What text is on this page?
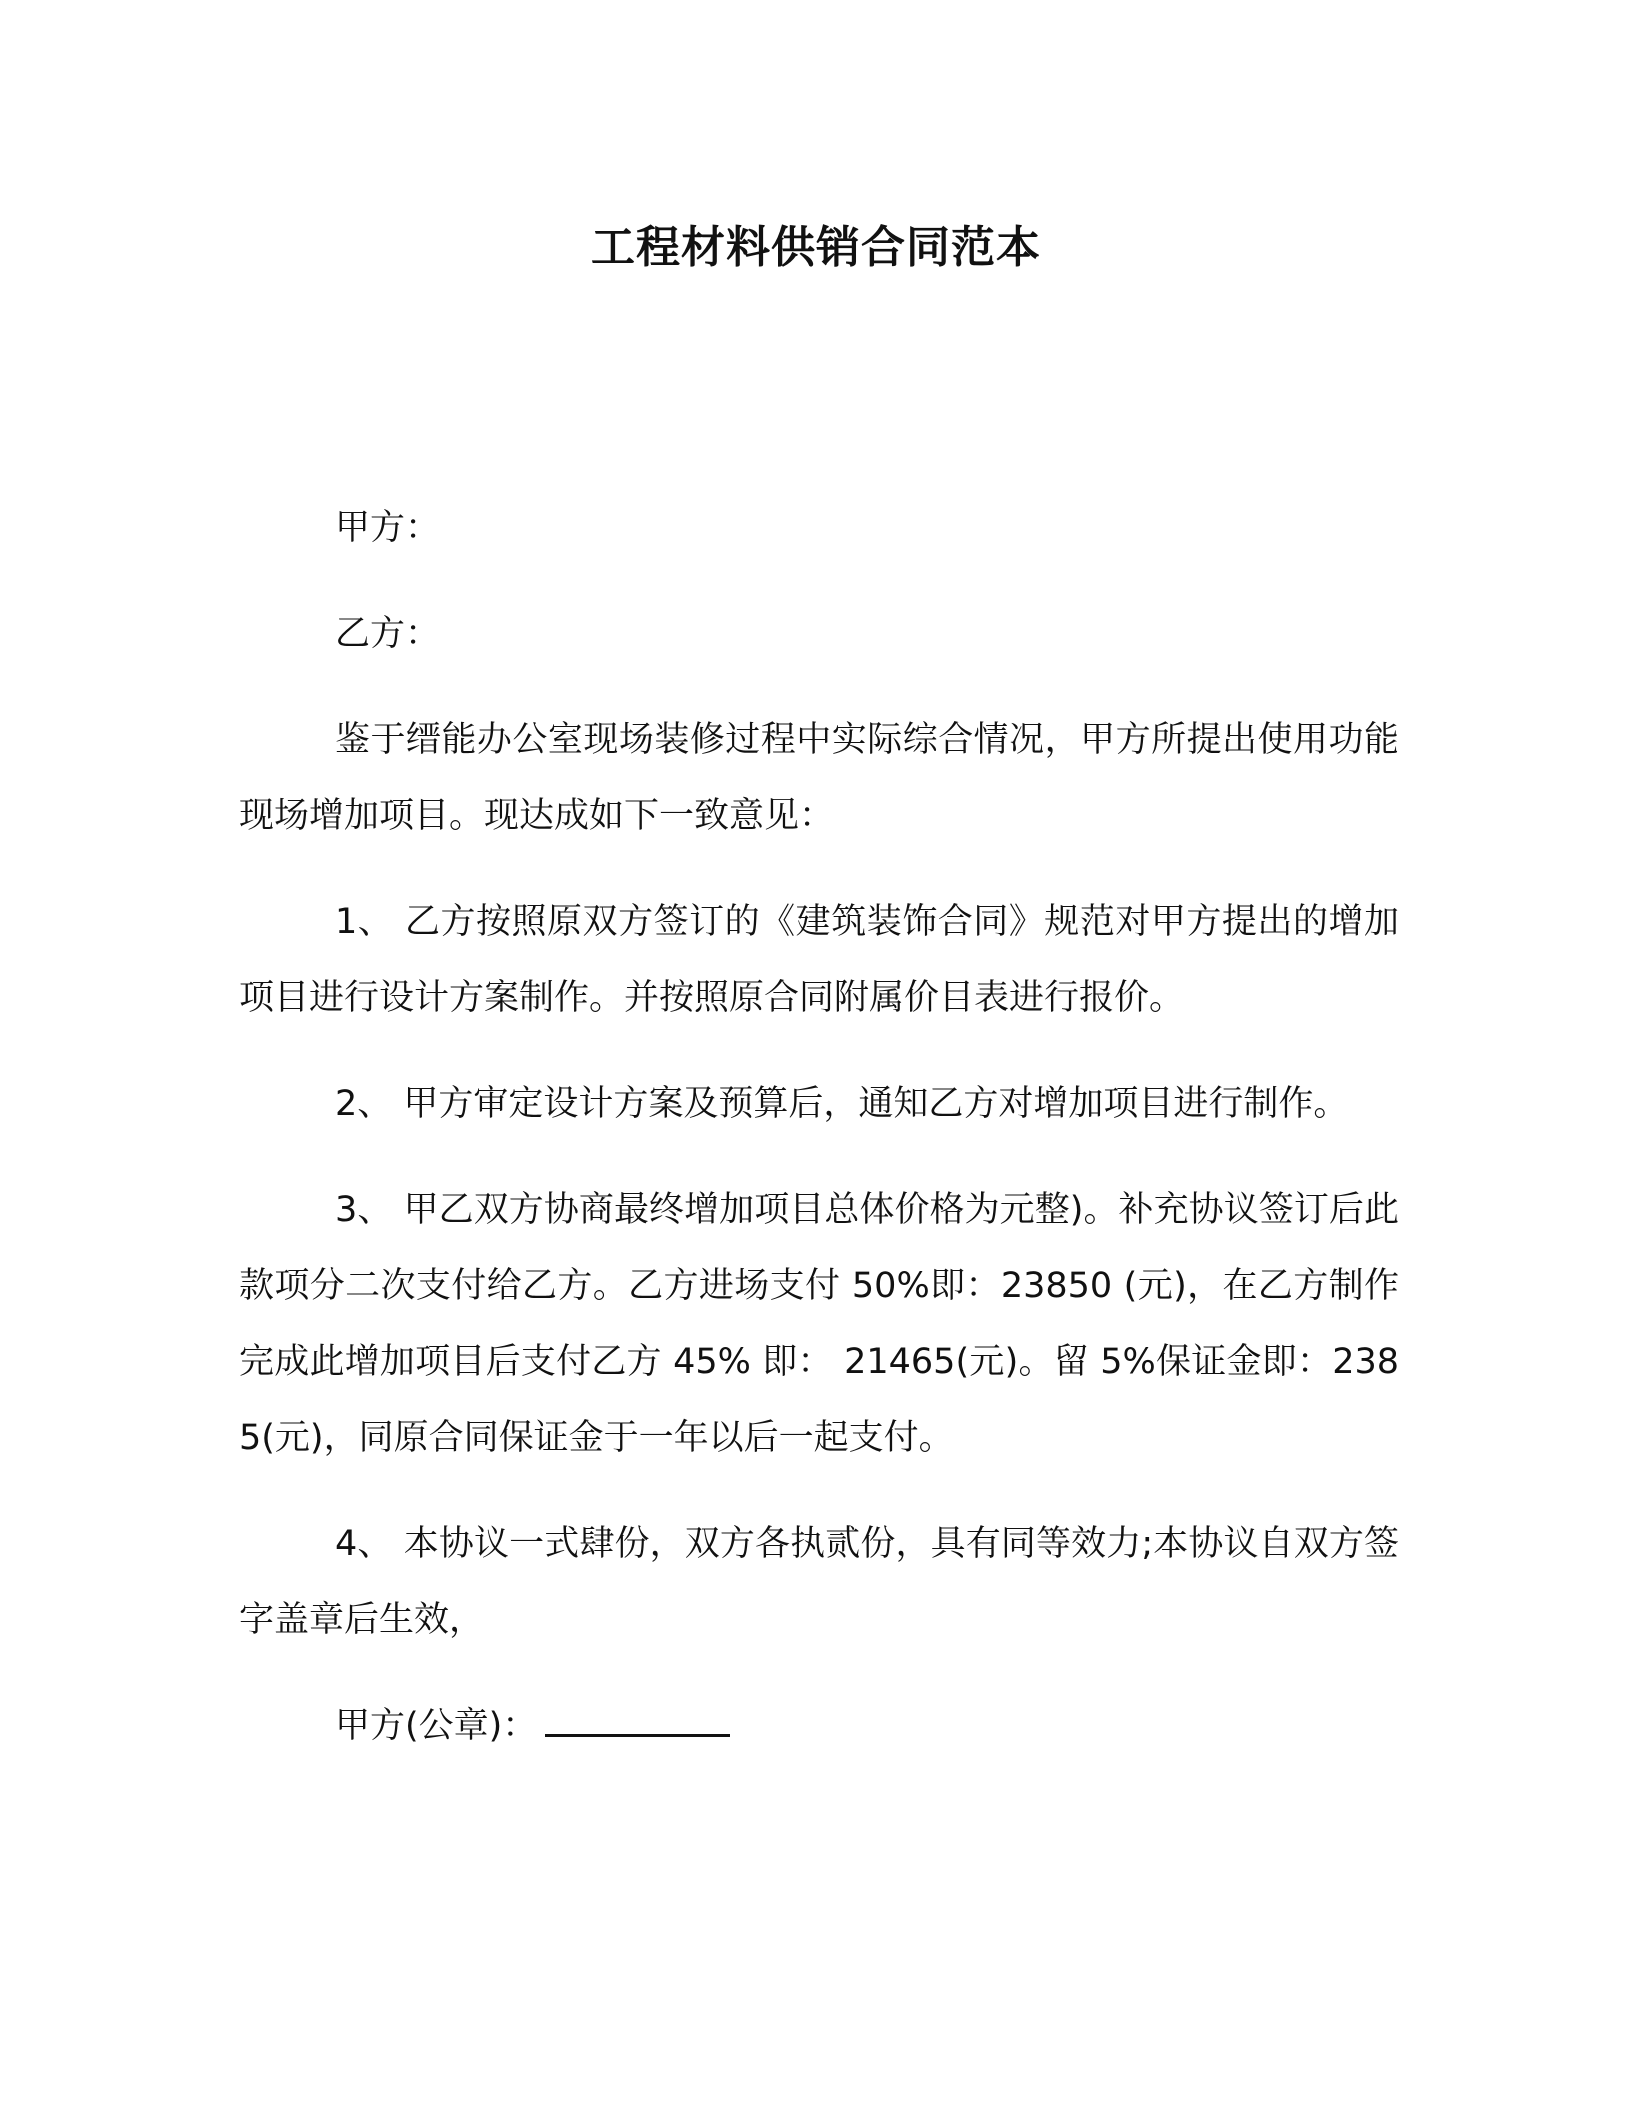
工程材料供销合同范本

甲方：

乙方：

鉴于缙能办公室现场装修过程中实际综合情况，甲方所提出使用功能现场增加项目。现达成如下一致意见：

1、 乙方按照原双方签订的《建筑装饰合同》规范对甲方提出的增加项目进行设计方案制作。并按照原合同附属价目表进行报价。

2、 甲方审定设计方案及预算后，通知乙方对增加项目进行制作。

3、 甲乙双方协商最终增加项目总体价格为元整)。补充协议签订后此款项分二次支付给乙方。乙方进场支付 50%即：23850 (元)，在乙方制作完成此增加项目后支付乙方 45% 即： 21465(元)。留 5%保证金即：2385(元)，同原合同保证金于一年以后一起支付。

4、 本协议一式肆份，双方各执贰份，具有同等效力;本协议自双方签字盖章后生效，

甲方(公章)：
